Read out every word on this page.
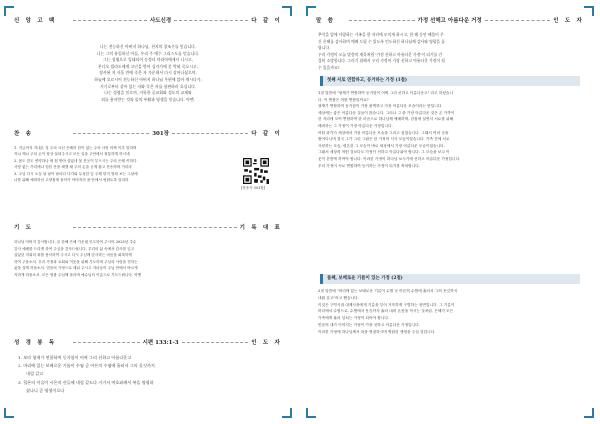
신 앙 고 백	사도신경	다 같 이

나는 전능하신 아버지 하나님, 천지의 창조주를 믿습니다.

나는 그의 유일하신 아들, 우리 주 예수 그리스도를 믿습니다.

그는 성령으로 잉태되어 동정녀 마리아에게서 나시고,

본디오 빌라도에게 고난을 받아 십자가에 못 박혀 죽으시고,

장사된 지 사흘 만에 죽은 자 가운데서 다시 살아나셨으며,

하늘에 오르시어 전능하신 아버지 하나님 우편에 앉아 계시다가,

거기로부터 살아 있는 자와 죽은 자를 심판하러 오십니다.

나는 성령을 믿으며, 거룩한 공교회와 성도의 교제와

죄를 용서받는 것과 몸의 부활과 영생을 믿습니다. 아멘.

찬 송	301장	다 같 이

1. 지금까지 지내온 것 주의 크신 은혜라 한이 없는 주의 사랑 어찌 이루 말하며

자나 깨나 주의 손이 항상 살펴주시고 모든 일을 주안에서 형통하게 하시네

2. 몸도 맘도 연약하나 새 힘 받아 살았네 물 붓듯이 부으시는 주의 은혜 족하다

사랑 없는 거리에나 험한 산을 헤맬 때 주의 손을 굳게 잡고 찬송하며 가리라

3. 주님 다시 오실 날 날이 날마다 다가와 무성한 잎 주께 맡겨 영화 보는 그날에

나를 위해 예비하신 고향집에 돌아가 아버지의 품 안에서 영원토록 살리라

[찬송가 301장]
기 도	기 록 대 표

하나님 아버지 감사합니다. 올 한해 은혜 가운데 인도하여 주시어 2025년 추수

감사 예배를 드리게 하여 주심을 감사드립니다. 우리의 삶 속에서 감사를 잊고

살았던 저희의 죄를 용서하여 주시고 다시 주님께 감사하는 마음을 회복하게

하여 주옵소서. 우리 가정과 교회와 이웃을 위해 기도하며 주님의 사랑을 전하는

삶을 살게 하옵소서. 믿음의 가정으로 세워 주시고 자녀들이 주님 안에서 바르게

자라게 하옵소서. 모든 영광 주님께 돌리며 예수님의 이름으로 기도드립니다. 아멘

성 경 봉 독	시편 133:1-3	인 도 자

1. 보라 형제가 연합하여 동거함이 어찌 그리 선하고 아름다운고

2. 머리에 있는 보배로운 기름이 수염 곧 아론의 수염에 흘러서 그의 옷깃까지

내림 같고

3. 헐몬의 이슬이 시온의 산들에 내림 같도다 거기서 여호와께서 복을 명령하

셨나니 곧 영생이로다

말 씀	가정 선해고 아름다운 거정	인 도 자

추석을 앞에 사랑하는 가족을 한 자리에 모이게 하시고, 한 해 동안 베풀어 주

신 은혜를 감사하며 예배 드릴 수 있도록 인도하신 하나님께 감사와 영광을 돌

립니다.

우리 가정이 오늘 말씀의 제목처럼 '가정 선하고 아름다운 가정'이 되기를 간

절히 소망합니다. 그러기 위해서 우리 가정이 가장 선하고 아름다운 가정이 될

수 있을까요?

첫째 서로 연합하고, 동거하는 가정 (1절)

1절 말씀에 "형제가 연합하여 동거함이 어찌 그리 선하고 아름다운고" 라고 하셨습니

다. 이 연합은 어떤 연합일까요?

형제가 연합하여 동거함이 가장 완벽하고 가장 아름다운 모습이라는 뜻입니다.

세상에는 좋은 아름다운 것들이 많습니다. 그러나 그 중 가장 아름다운 것은 온 가족이

한 자리에 모여 연합하여 한 마음으로 하나님께 예배하며, 한집에 살면서 서로를 위해

배려하는 그 가정이 가장 아름다운 가정입니다.

어떤 화가가 세상에서 가장 아름다운 모습을 그리고 싶었습니다. 그래서 여러 곳을

찾아다니며 결국 그가 그린 그림은 한 가정의 식사 모습이었습니다. 가족 간에 서로

사랑하는 모습, 평온한 그 모습이 바로 세상에서 가장 아름다운 모습이었습니다.

그래서 세상의 어떤 것보다도 가정이 선하고 아름다워야 합니다. 그 모습을 보고 이

웃이 본받게 하여야 합니다. 이러한 가정이 하나님 보시기에 선하고 아름다운 가정입니다.

우리 가정이 서로 연합하여 동거하는 가정이 되기를 축복합니다.

둘째, 보배로운 기름이 있는 가정 (2절)

2절 말씀에 "머리에 있는 보배로운 기름이 수염 곧 아론의 수염에 흘러서 그의 옷깃까지

내림 같고"라고 했습니다.

이것은 구약시대 대제사장에게 기름을 부어 거룩하게 구별하는 장면입니다. 그 기름이

머리에서 수염으로, 수염에서 옷깃까지 흘러 내려 온몸을 적시는 것처럼, 은혜가 모든

가족에게 흘러 넘치는 가정이 되어야 합니다.

믿음의 대가 이어지는 가정이 가장 선하고 아름다운 가정입니다.

이러한 가정에 하나님께서 복을 명령하시며 영원한 생명을 주실 것입니다.
